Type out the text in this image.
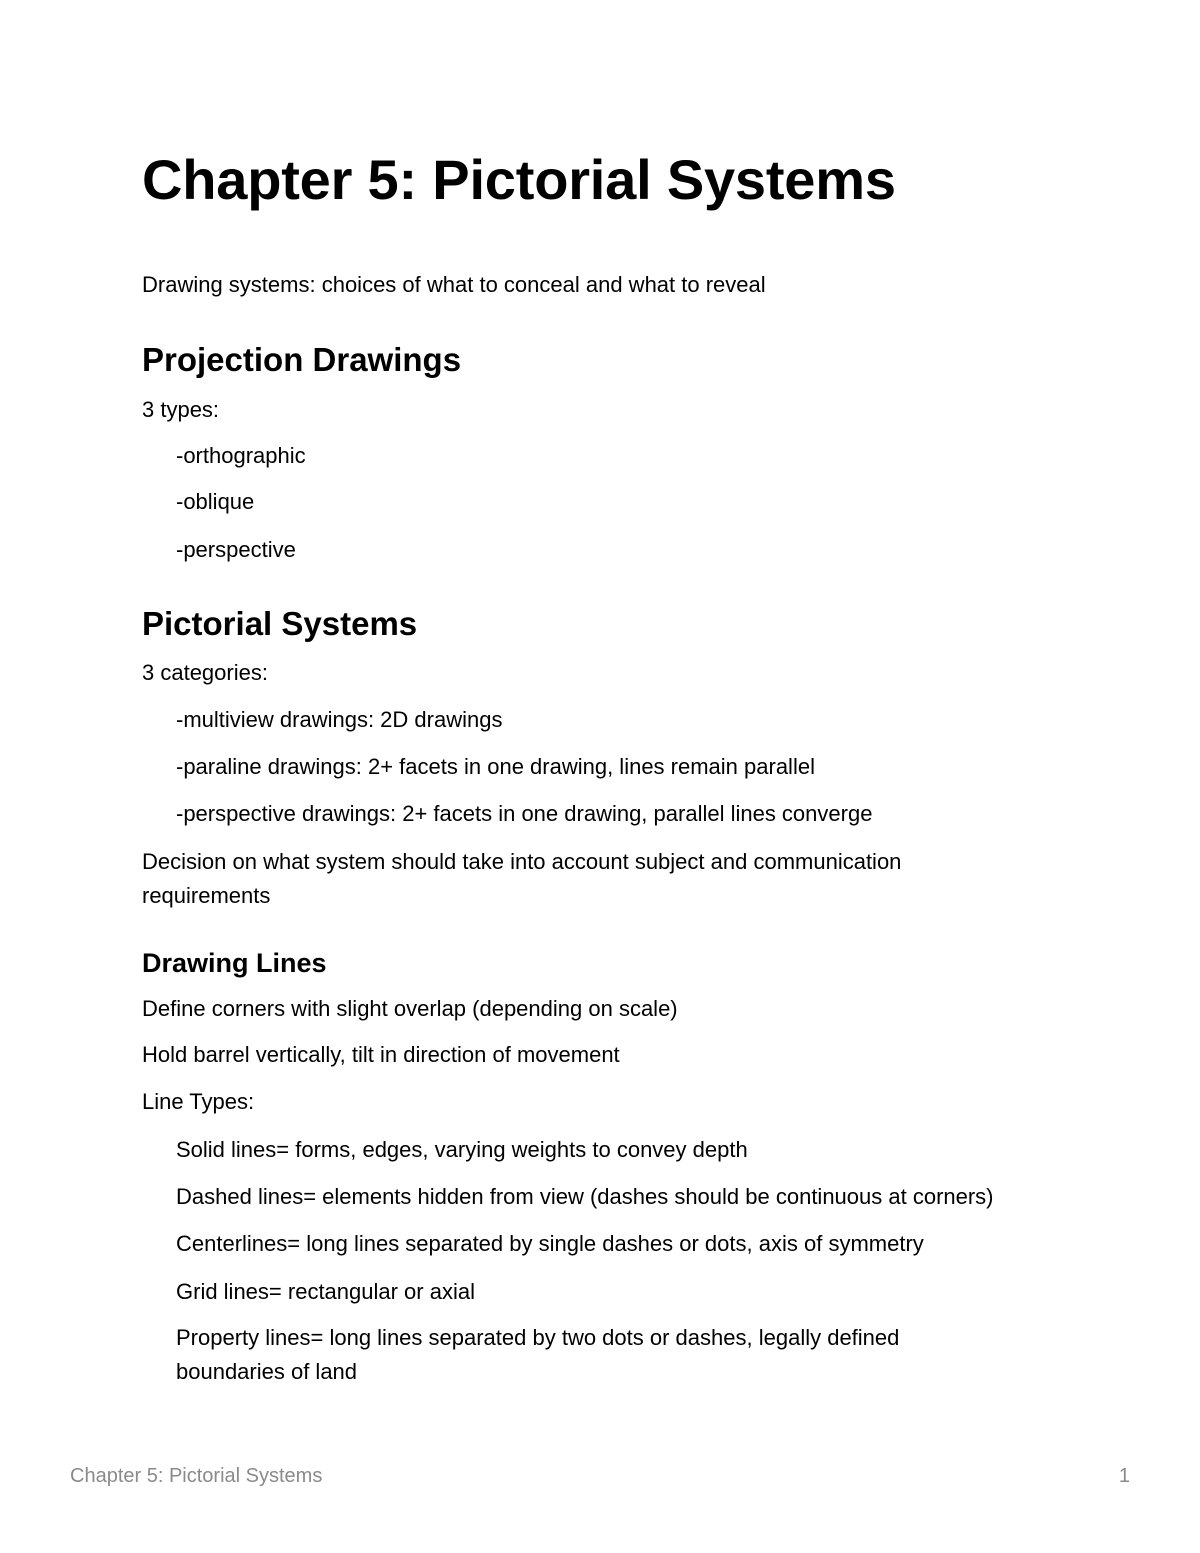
Chapter 5: Pictorial Systems

Drawing systems: choices of what to conceal and what to reveal

Projection Drawings

3 types:

-orthographic

-oblique

-perspective

Pictorial Systems

3 categories:

-multiview drawings: 2D drawings

-paraline drawings: 2+ facets in one drawing, lines remain parallel

-perspective drawings: 2+ facets in one drawing, parallel lines converge

Decision on what system should take into account subject and communication requirements

Drawing Lines

Define corners with slight overlap (depending on scale)

Hold barrel vertically, tilt in direction of movement

Line Types:

Solid lines= forms, edges, varying weights to convey depth

Dashed lines= elements hidden from view (dashes should be continuous at corners)

Centerlines= long lines separated by single dashes or dots, axis of symmetry

Grid lines= rectangular or axial

Property lines= long lines separated by two dots or dashes, legally defined boundaries of land

Chapter 5: Pictorial Systems	1
